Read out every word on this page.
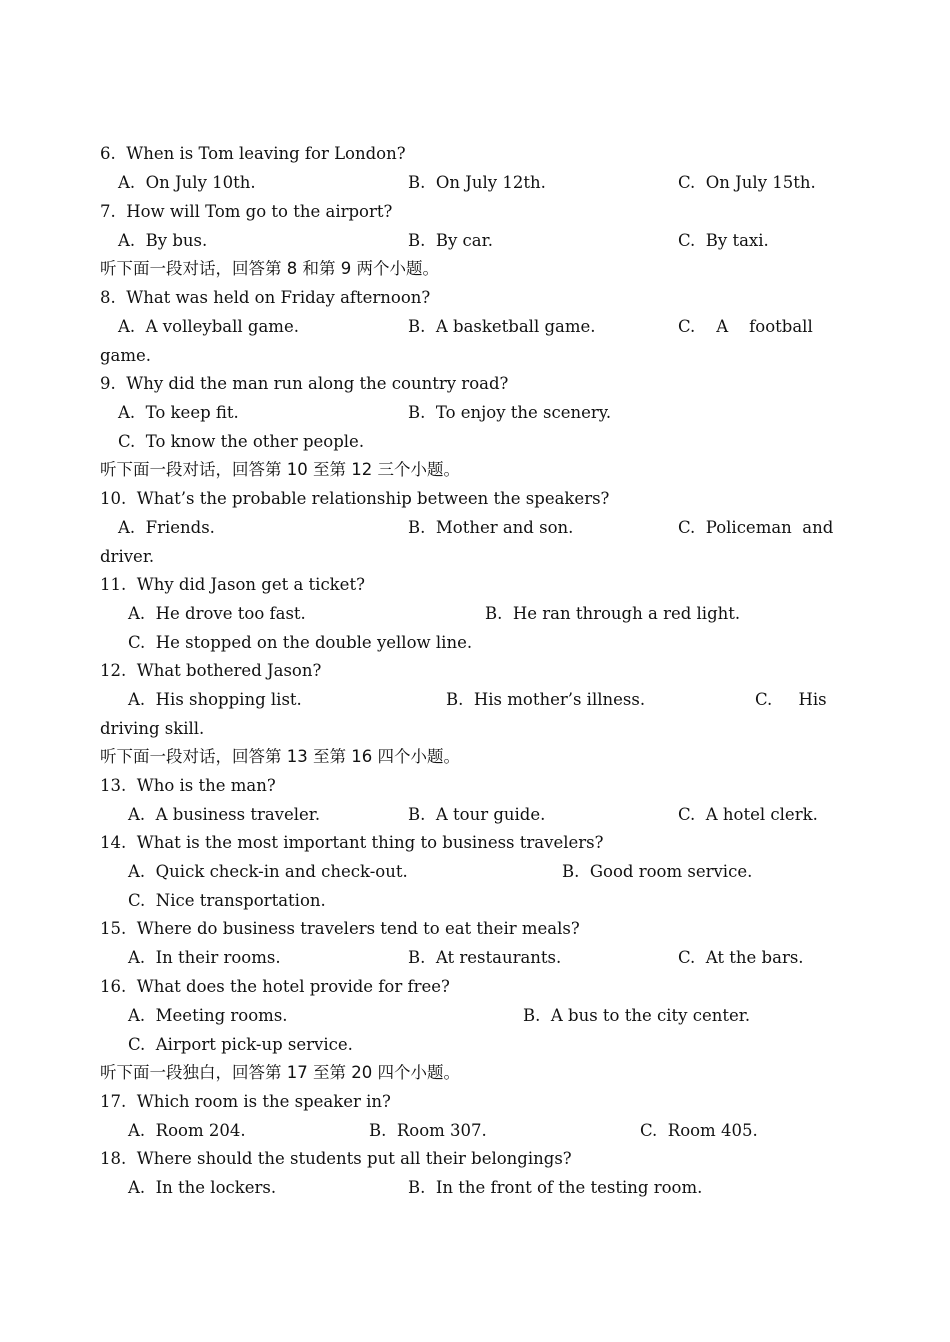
6.  When is Tom leaving for London?
A.  On July 10th.	B.  On July 12th.	C.  On July 15th.
7.  How will Tom go to the airport?
A.  By bus.	B.  By car.	C.  By taxi.
听下面一段对话，回答第 8 和第 9 两个小题。
8.  What was held on Friday afternoon?
A.  A volleyball game.	B.  A basketball game.	C.    A    football
game.
9.  Why did the man run along the country road?
A.  To keep fit.	B.  To enjoy the scenery.
C.  To know the other people.
听下面一段对话，回答第 10 至第 12 三个小题。
10.  What’s the probable relationship between the speakers?
A.  Friends.	B.  Mother and son.	C.  Policeman  and
driver.
11.  Why did Jason get a ticket?
A.  He drove too fast.	B.  He ran through a red light.
C.  He stopped on the double yellow line.
12.  What bothered Jason?
A.  His shopping list.	B.  His mother’s illness.	C.     His
driving skill.
听下面一段对话，回答第 13 至第 16 四个小题。
13.  Who is the man?
A.  A business traveler.	B.  A tour guide.	C.  A hotel clerk.
14.  What is the most important thing to business travelers?
A.  Quick check-in and check-out.	B.  Good room service.
C.  Nice transportation.
15.  Where do business travelers tend to eat their meals?
A.  In their rooms.	B.  At restaurants.	C.  At the bars.
16.  What does the hotel provide for free?
A.  Meeting rooms.	B.  A bus to the city center.
C.  Airport pick-up service.
听下面一段独白，回答第 17 至第 20 四个小题。
17.  Which room is the speaker in?
A.  Room 204.	B.  Room 307.	C.  Room 405.
18.  Where should the students put all their belongings?
A.  In the lockers.	B.  In the front of the testing room.
